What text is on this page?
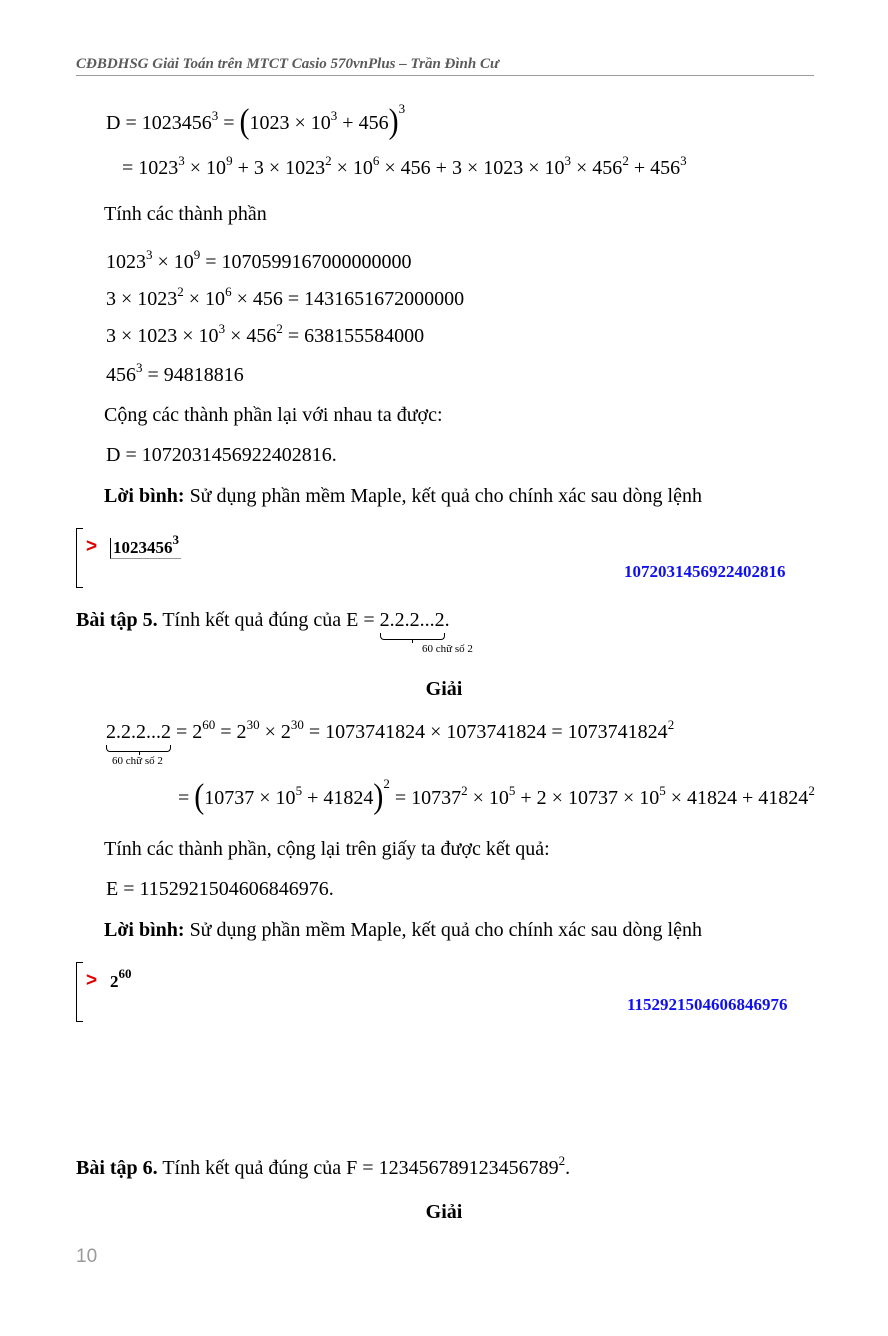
CĐBDHSG Giải Toán trên MTCT Casio 570vnPlus – Trần Đình Cư
$D = 1023456^3 = (1023 \times 10^3 + 456)^3$
= $1023^3 \times 10^9 + 3 \times 1023^2 \times 10^6 \times 456 + 3 \times 1023 \times 10^3 \times 456^2 + 456^3$
Tính các thành phần
$1023^3 \times 10^9 = 1070599167000000000$
$3 \times 1023^2 \times 10^6 \times 456 = 1431651672000000$
$3 \times 1023 \times 10^3 \times 456^2 = 638155584000$
$456^3 = 94818816$
Cộng các thành phần lại với nhau ta được:
D = 1072031456922402816.
Lời bình: Sử dụng phần mềm Maple, kết quả cho chính xác sau dòng lệnh
> $1023456^3$
1072031456922402816
Bài tập 5. Tính kết quả đúng của E = 2.2.2...2
.
60 chữ số 2
Giải
2.2.2...2
= $2^{60} = 2^{30} \times 2^{30} = 1073741824 \times 1073741824 = 1073741824^2$
60 chữ số 2
= $(10737 \times 10^5 + 41824)^2 = 10737^2 \times 10^5 + 2 \times 10737 \times 10^5 \times 41824 + 41824^2$
Tính các thành phần, cộng lại trên giấy ta được kết quả:
E = 1152921504606846976.
Lời bình: Sử dụng phần mềm Maple, kết quả cho chính xác sau dòng lệnh
> $2^{60}$
1152921504606846976
Bài tập 6. Tính kết quả đúng của $F = 123456789123456789^2$.
Giải
10
